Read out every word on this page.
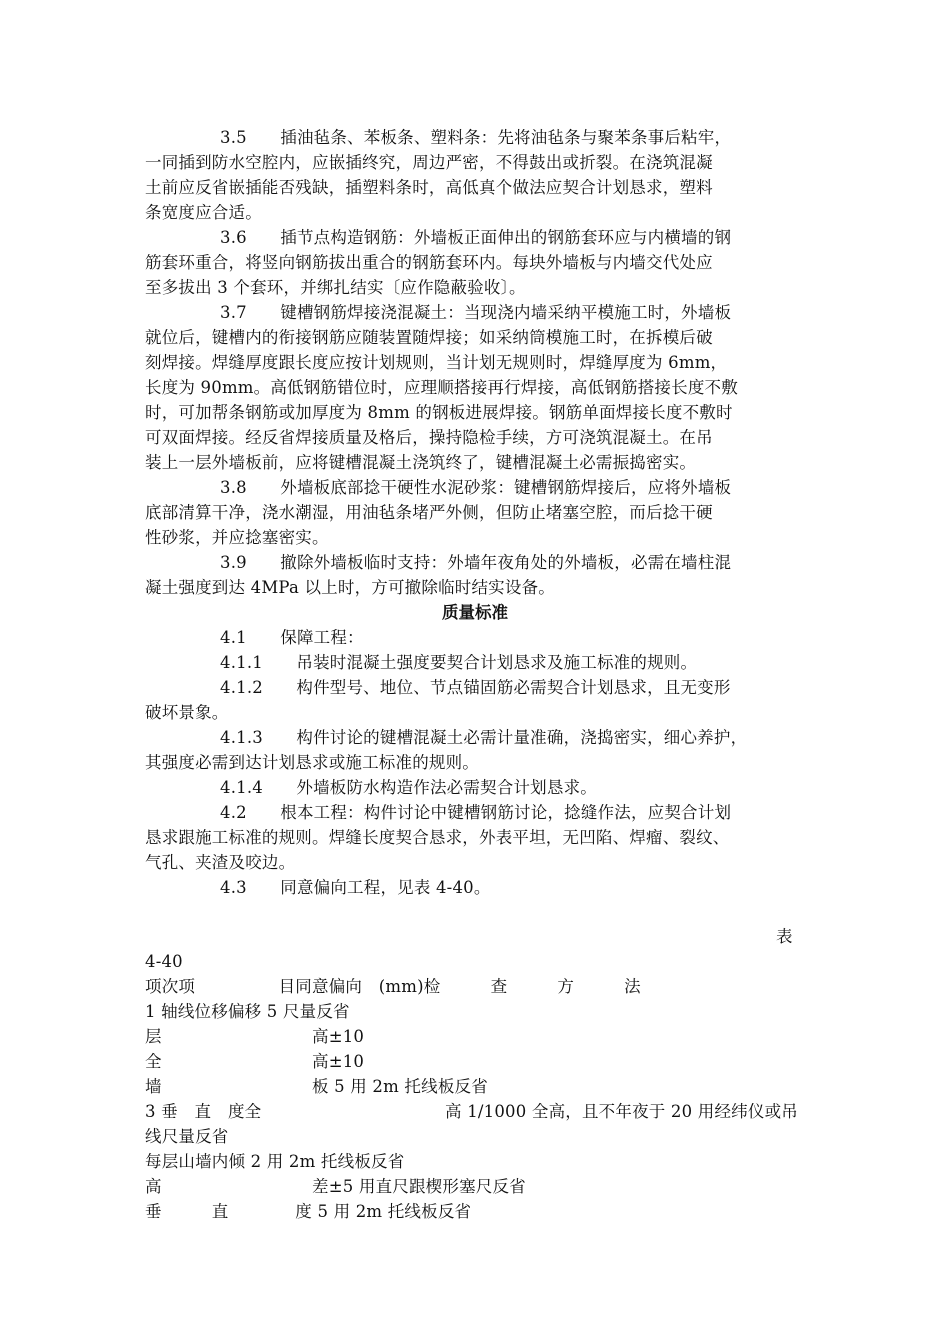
3.5　　插油毡条、苯板条、塑料条：先将油毡条与聚苯条事后粘牢，
一同插到防水空腔内，应嵌插终究，周边严密，不得鼓出或折裂。在浇筑混凝
土前应反省嵌插能否残缺，插塑料条时，高低真个做法应契合计划恳求，塑料
条宽度应合适。
3.6　　插节点构造钢筋：外墙板正面伸出的钢筋套环应与内横墙的钢
筋套环重合，将竖向钢筋拔出重合的钢筋套环内。每块外墙板与内墙交代处应
至多拔出 3 个套环，并绑扎结实〔应作隐蔽验收〕。
3.7　　键槽钢筋焊接浇混凝土：当现浇内墙采纳平模施工时，外墙板
就位后，键槽内的衔接钢筋应随装置随焊接；如采纳筒模施工时，在拆模后破
刻焊接。焊缝厚度跟长度应按计划规则，当计划无规则时，焊缝厚度为 6mm，
长度为 90mm。高低钢筋错位时，应理顺搭接再行焊接，高低钢筋搭接长度不敷
时，可加帮条钢筋或加厚度为 8mm 的钢板进展焊接。钢筋单面焊接长度不敷时
可双面焊接。经反省焊接质量及格后，操持隐检手续，方可浇筑混凝土。在吊
装上一层外墙板前，应将键槽混凝土浇筑终了，键槽混凝土必需振捣密实。
3.8　　外墙板底部捻干硬性水泥砂浆：键槽钢筋焊接后，应将外墙板
底部清算干净，浇水潮湿，用油毡条堵严外侧，但防止堵塞空腔，而后捻干硬
性砂浆，并应捻塞密实。
3.9　　撤除外墙板临时支持：外墙年夜角处的外墙板，必需在墙柱混
凝土强度到达 4MPa 以上时，方可撤除临时结实设备。
质量标准
4.1　　保障工程：
4.1.1　　吊装时混凝土强度要契合计划恳求及施工标准的规则。
4.1.2　　构件型号、地位、节点锚固筋必需契合计划恳求，且无变形
破坏景象。
4.1.3　　构件讨论的键槽混凝土必需计量准确，浇捣密实，细心养护，
其强度必需到达计划恳求或施工标准的规则。
4.1.4　　外墙板防水构造作法必需契合计划恳求。
4.2　　根本工程：构件讨论中键槽钢筋讨论，捻缝作法，应契合计划
恳求跟施工标准的规则。焊缝长度契合恳求，外表平坦，无凹陷、焊瘤、裂纹、
气孔、夹渣及咬边。
4.3　　同意偏向工程，见表 4-40。
表
4-40
项次项　　　　　目同意偏向　(mm)检　　　查　　　方　　　法
1 轴线位移偏移 5 尺量反省
层　　　　　　　　　高±10
全　　　　　　　　　高±10
墙　　　　　　　　　板 5 用 2m 托线板反省
3 垂　直　度全　　　　　　　　　　　高 1/1000 全高，且不年夜于 20 用经纬仪或吊
线尺量反省
每层山墙内倾 2 用 2m 托线板反省
高　　　　　　　　　差±5 用直尺跟楔形塞尺反省
垂　　　直　　　　度 5 用 2m 托线板反省
